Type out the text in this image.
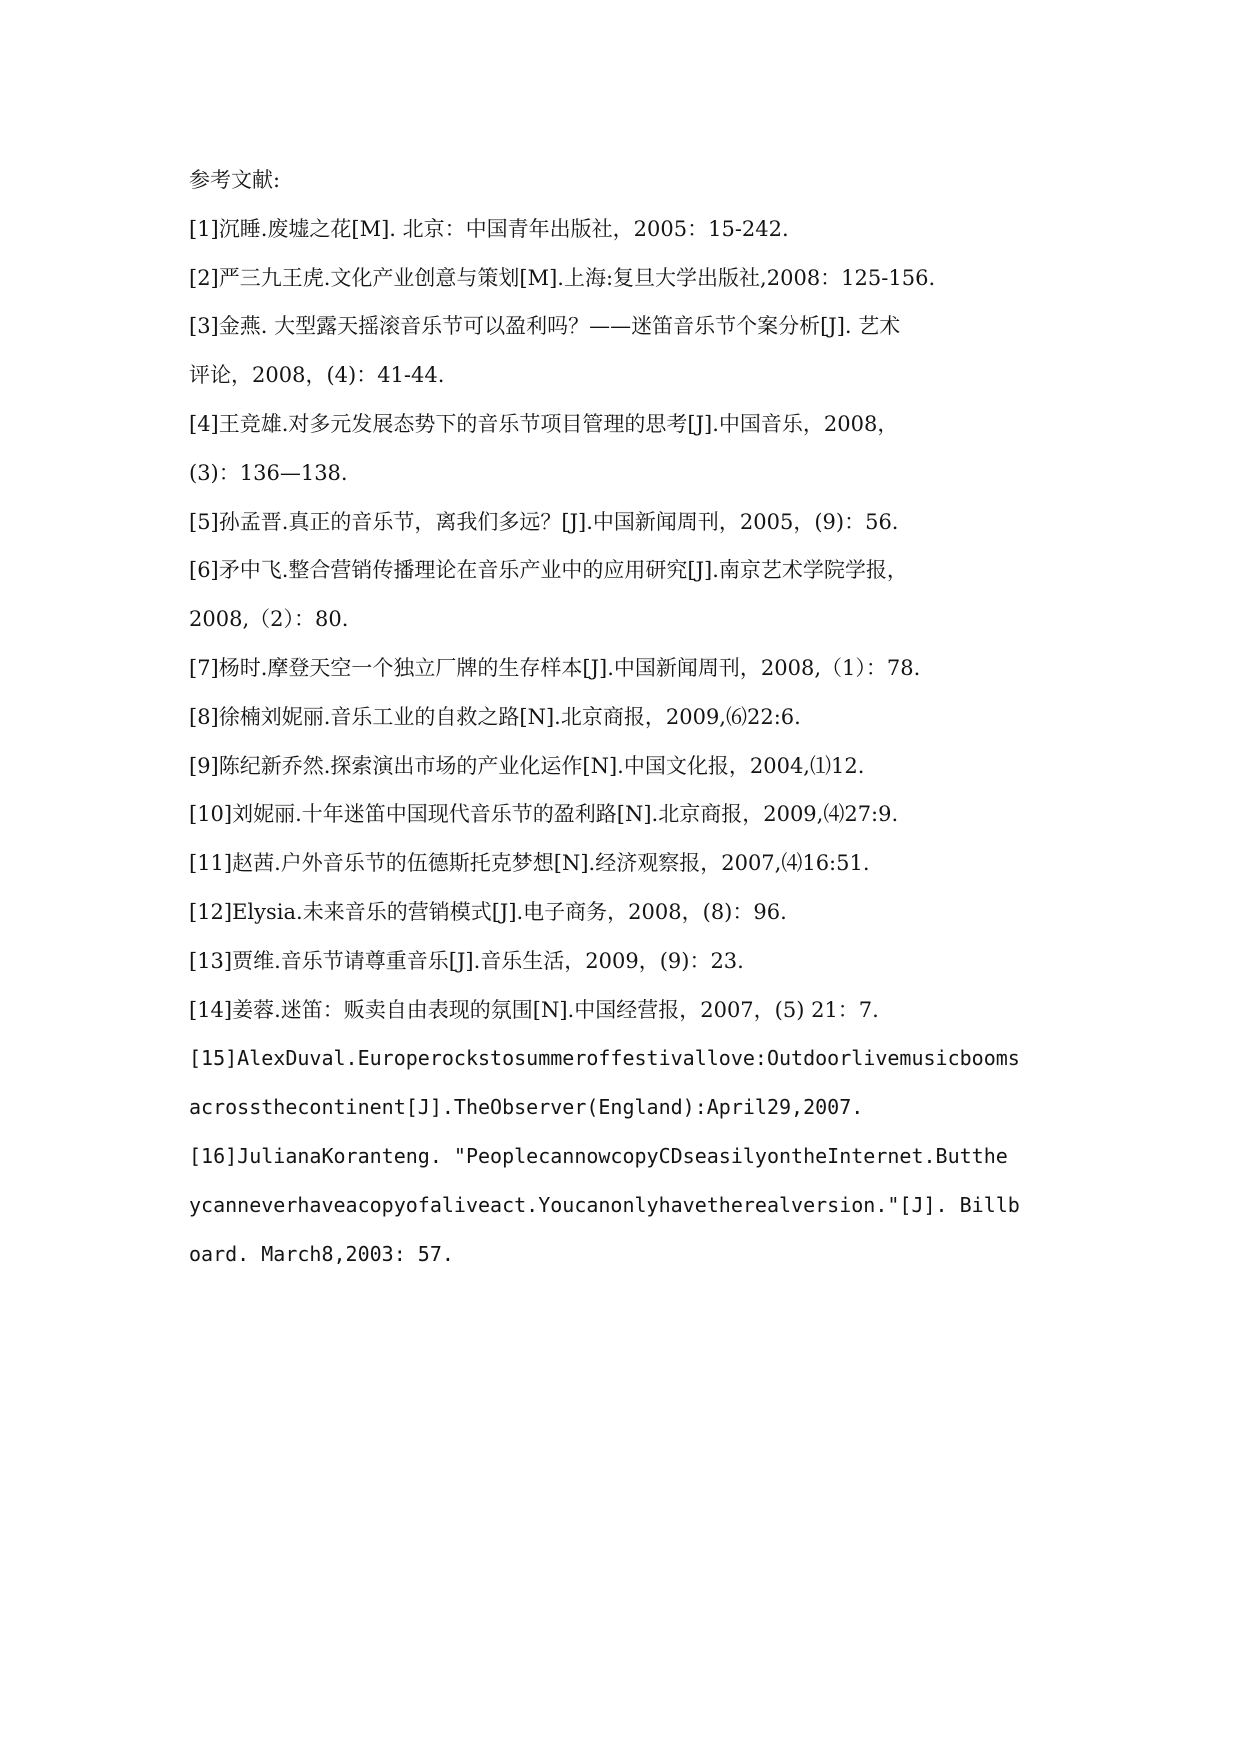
参考文献:
[1]沉睡.废墟之花[M]. 北京：中国青年出版社，2005：15-242.
[2]严三九王虎.文化产业创意与策划[M].上海:复旦大学出版社,2008：125-156.
[3]金燕. 大型露天摇滚音乐节可以盈利吗？——迷笛音乐节个案分析[J]. 艺术
评论，2008，(4)：41-44.
[4]王竞雄.对多元发展态势下的音乐节项目管理的思考[J].中国音乐，2008，
(3)：136—138.
[5]孙孟晋.真正的音乐节，离我们多远？[J].中国新闻周刊，2005，(9)：56.
[6]矛中飞.整合营销传播理论在音乐产业中的应用研究[J].南京艺术学院学报，
2008,（2）：80.
[7]杨时.摩登天空一个独立厂牌的生存样本[J].中国新闻周刊，2008,（1）：78.
[8]徐楠刘妮丽.音乐工业的自救之路[N].北京商报，2009,⑹22:6.
[9]陈纪新乔然.探索演出市场的产业化运作[N].中国文化报，2004,⑴12.
[10]刘妮丽.十年迷笛中国现代音乐节的盈利路[N].北京商报，2009,⑷27:9.
[11]赵茜.户外音乐节的伍德斯托克梦想[N].经济观察报，2007,⑷16:51.
[12]Elysia.未来音乐的营销模式[J].电子商务，2008，(8)：96.
[13]贾维.音乐节请尊重音乐[J].音乐生活，2009，(9)：23.
[14]姜蓉.迷笛：贩卖自由表现的氛围[N].中国经营报，2007，(5) 21：7.
[15]AlexDuval.Europerockstosummeroffestivallove:Outdoorlivemusicbooms
acrossthecontinent[J].TheObserver(England):April29,2007.
[16]JulianaKoranteng. "PeoplecannowcopyCDseasilyontheInternet.Butthe
ycanneverhaveacopyofaliveact.Youcanonlyhavetherealversion."[J]. Billb
oard. March8,2003: 57.
